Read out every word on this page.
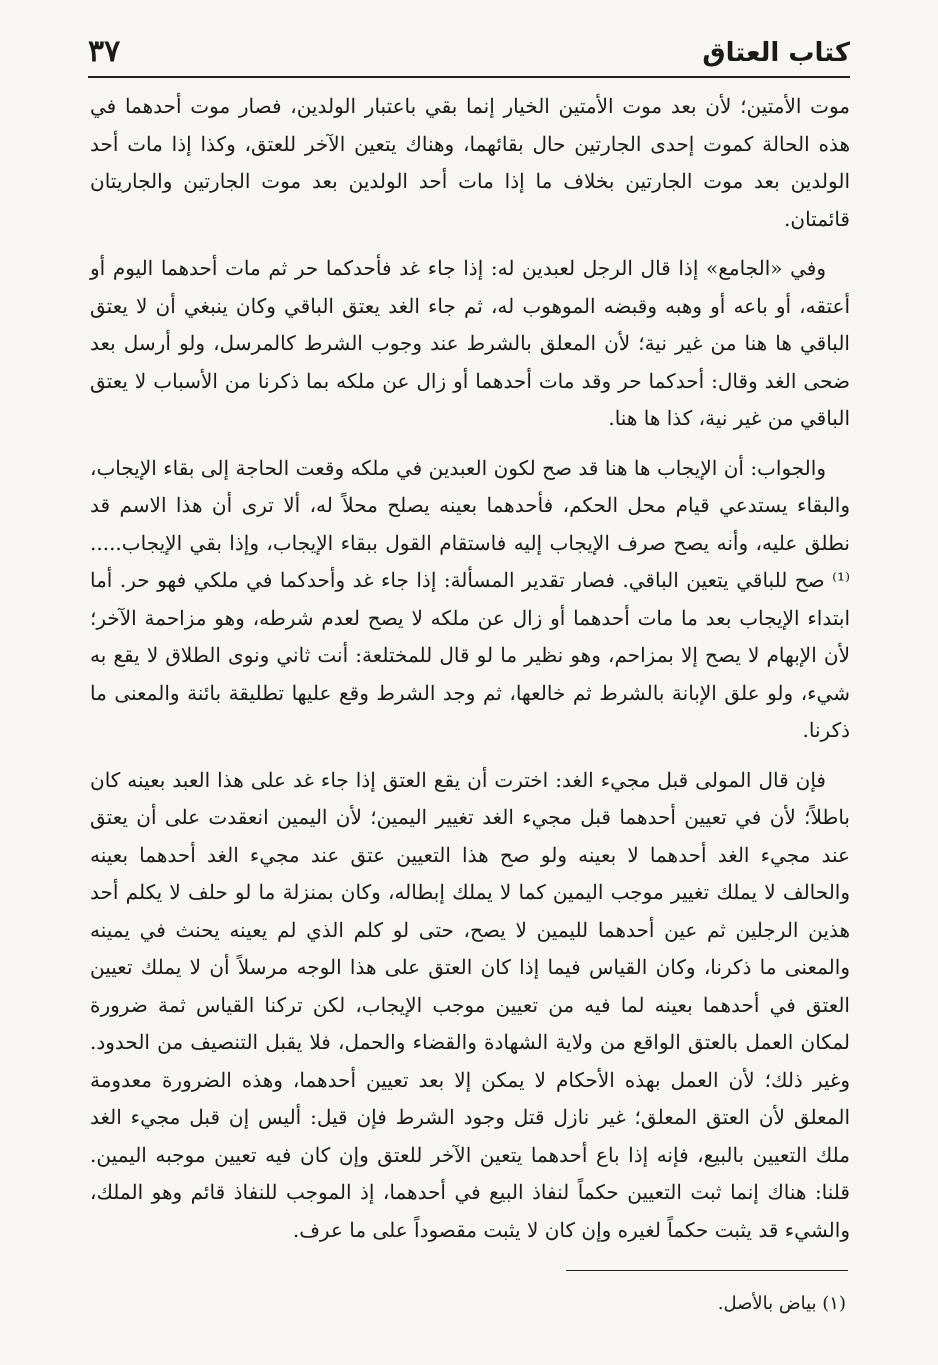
٣٧	كتاب العتاق

موت الأمتين؛ لأن بعد موت الأمتين الخيار إنما بقي باعتبار الولدين، فصار موت أحدهما في هذه الحالة كموت إحدى الجارتين حال بقائهما، وهناك يتعين الآخر للعتق، وكذا إذا مات أحد الولدين بعد موت الجارتين بخلاف ما إذا مات أحد الولدين بعد موت الجارتين والجاريتان قائمتان.

وفي «الجامع» إذا قال الرجل لعبدين له: إذا جاء غد فأحدكما حر ثم مات أحدهما اليوم أو أعتقه، أو باعه أو وهبه وقبضه الموهوب له، ثم جاء الغد يعتق الباقي وكان ينبغي أن لا يعتق الباقي ها هنا من غير نية؛ لأن المعلق بالشرط عند وجوب الشرط كالمرسل، ولو أرسل بعد ضحى الغد وقال: أحدكما حر وقد مات أحدهما أو زال عن ملكه بما ذكرنا من الأسباب لا يعتق الباقي من غير نية، كذا ها هنا.

والجواب: أن الإيجاب ها هنا قد صح لكون العبدين في ملكه وقعت الحاجة إلى بقاء الإيجاب، والبقاء يستدعي قيام محل الحكم، فأحدهما بعينه يصلح محلاً له، ألا ترى أن هذا الاسم قد نطلق عليه، وأنه يصح صرف الإيجاب إليه فاستقام القول ببقاء الإيجاب، وإذا بقي الإيجاب..... ⁽¹⁾ صح للباقي يتعين الباقي. فصار تقدير المسألة: إذا جاء غد وأحدكما في ملكي فهو حر. أما ابتداء الإيجاب بعد ما مات أحدهما أو زال عن ملكه لا يصح لعدم شرطه، وهو مزاحمة الآخر؛ لأن الإبهام لا يصح إلا بمزاحم، وهو نظير ما لو قال للمختلعة: أنت ثاني ونوى الطلاق لا يقع به شيء، ولو علق الإبانة بالشرط ثم خالعها، ثم وجد الشرط وقع عليها تطليقة بائنة والمعنى ما ذكرنا.

فإن قال المولى قبل مجيء الغد: اخترت أن يقع العتق إذا جاء غد على هذا العبد بعينه كان باطلاً؛ لأن في تعيين أحدهما قبل مجيء الغد تغيير اليمين؛ لأن اليمين انعقدت على أن يعتق عند مجيء الغد أحدهما لا بعينه ولو صح هذا التعيين عتق عند مجيء الغد أحدهما بعينه والحالف لا يملك تغيير موجب اليمين كما لا يملك إبطاله، وكان بمنزلة ما لو حلف لا يكلم أحد هذين الرجلين ثم عين أحدهما لليمين لا يصح، حتى لو كلم الذي لم يعينه يحنث في يمينه والمعنى ما ذكرنا، وكان القياس فيما إذا كان العتق على هذا الوجه مرسلاً أن لا يملك تعيين العتق في أحدهما بعينه لما فيه من تعيين موجب الإيجاب، لكن تركنا القياس ثمة ضرورة لمكان العمل بالعتق الواقع من ولاية الشهادة والقضاء والحمل، فلا يقبل التنصيف من الحدود. وغير ذلك؛ لأن العمل بهذه الأحكام لا يمكن إلا بعد تعيين أحدهما، وهذه الضرورة معدومة المعلق لأن العتق المعلق؛ غير نازل قتل وجود الشرط فإن قيل: أليس إن قبل مجيء الغد ملك التعيين بالبيع، فإنه إذا باع أحدهما يتعين الآخر للعتق وإن كان فيه تعيين موجبه اليمين. قلنا: هناك إنما ثبت التعيين حكماً لنفاذ البيع في أحدهما، إذ الموجب للنفاذ قائم وهو الملك، والشيء قد يثبت حكماً لغيره وإن كان لا يثبت مقصوداً على ما عرف.

(١) بياض بالأصل.
